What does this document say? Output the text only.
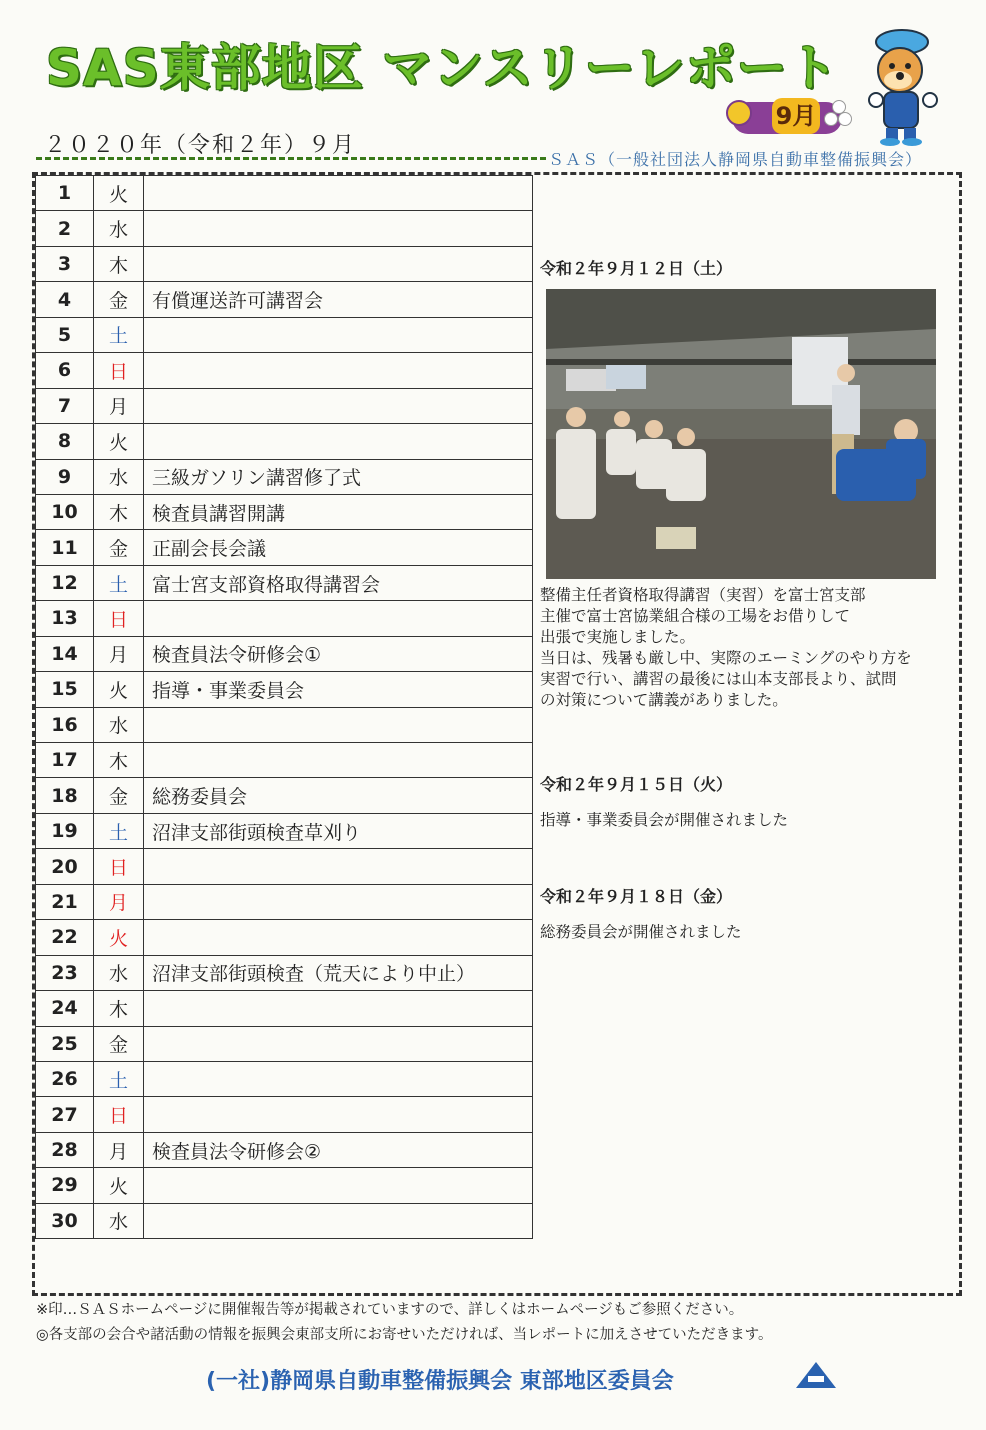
SAS東部地区 マンスリーレポート
9月
２０２０年（令和２年）９月
ＳＡＳ（一般社団法人静岡県自動車整備振興会）
1	火	
2	水	
3	木	
4	金	有償運送許可講習会
5	土	
6	日	
7	月	
8	火	
9	水	三級ガソリン講習修了式
10	木	検査員講習開講
11	金	正副会長会議
12	土	富士宮支部資格取得講習会
13	日	
14	月	検査員法令研修会①
15	火	指導・事業委員会
16	水	
17	木	
18	金	総務委員会
19	土	沼津支部街頭検査草刈り
20	日	
21	月	
22	火	
23	水	沼津支部街頭検査（荒天により中止）
24	木	
25	金	
26	土	
27	日	
28	月	検査員法令研修会②
29	火	
30	水	
令和２年９月１２日（土）
整備主任者資格取得講習（実習）を富士宮支部
主催で富士宮協業組合様の工場をお借りして
出張で実施しました。
当日は、残暑も厳し中、実際のエーミングのやり方を
実習で行い、講習の最後には山本支部長より、試問
の対策について講義がありました。
令和２年９月１５日（火）
指導・事業委員会が開催されました
令和２年９月１８日（金）
総務委員会が開催されました
※印…ＳＡＳホームページに開催報告等が掲載されていますので、詳しくはホームページもご参照ください。
◎各支部の会合や諸活動の情報を振興会東部支所にお寄せいただければ、当レポートに加えさせていただきます。
(一社)静岡県自動車整備振興会 東部地区委員会
